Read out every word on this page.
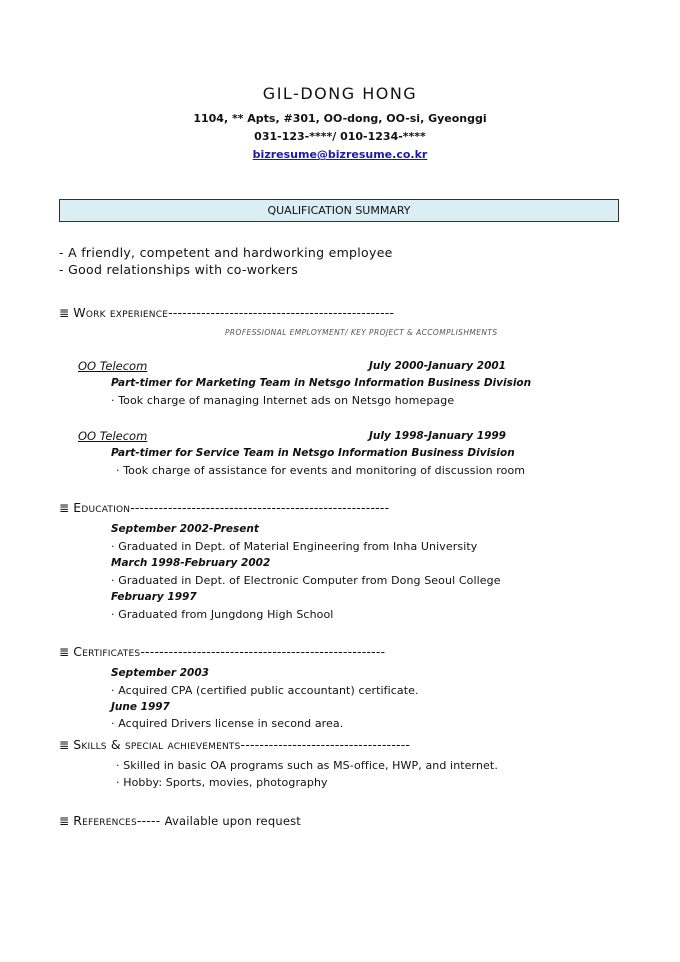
GIL-DONG HONG
1104, ** Apts, #301, OO-dong, OO-si, Gyeonggi
031-123-****/ 010-1234-****
bizresume@bizresume.co.kr
QUALIFICATION SUMMARY
- A friendly, competent and hardworking employee
- Good relationships with co-workers
≣ Work experience------------------------------------------------
PROFESSIONAL EMPLOYMENT/ KEY PROJECT & ACCOMPLISHMENTS
OO Telecom	July 2000-January 2001
Part-timer for Marketing Team in Netsgo Information Business Division
· Took charge of managing Internet ads on Netsgo homepage
OO Telecom	July 1998-January 1999
Part-timer for Service Team in Netsgo Information Business Division
· Took charge of assistance for events and monitoring of discussion room
≣ Education-------------------------------------------------------
September 2002-Present
· Graduated in Dept. of Material Engineering from Inha University
March 1998-February 2002
· Graduated in Dept. of Electronic Computer from Dong Seoul College
February 1997
· Graduated from Jungdong High School
≣ Certificates----------------------------------------------------
September 2003
· Acquired CPA (certified public accountant) certificate.
June 1997
· Acquired Drivers license in second area.
≣ Skills & special achievements------------------------------------
· Skilled in basic OA programs such as MS-office, HWP, and internet.
· Hobby: Sports, movies, photography
≣ References----- Available upon request
